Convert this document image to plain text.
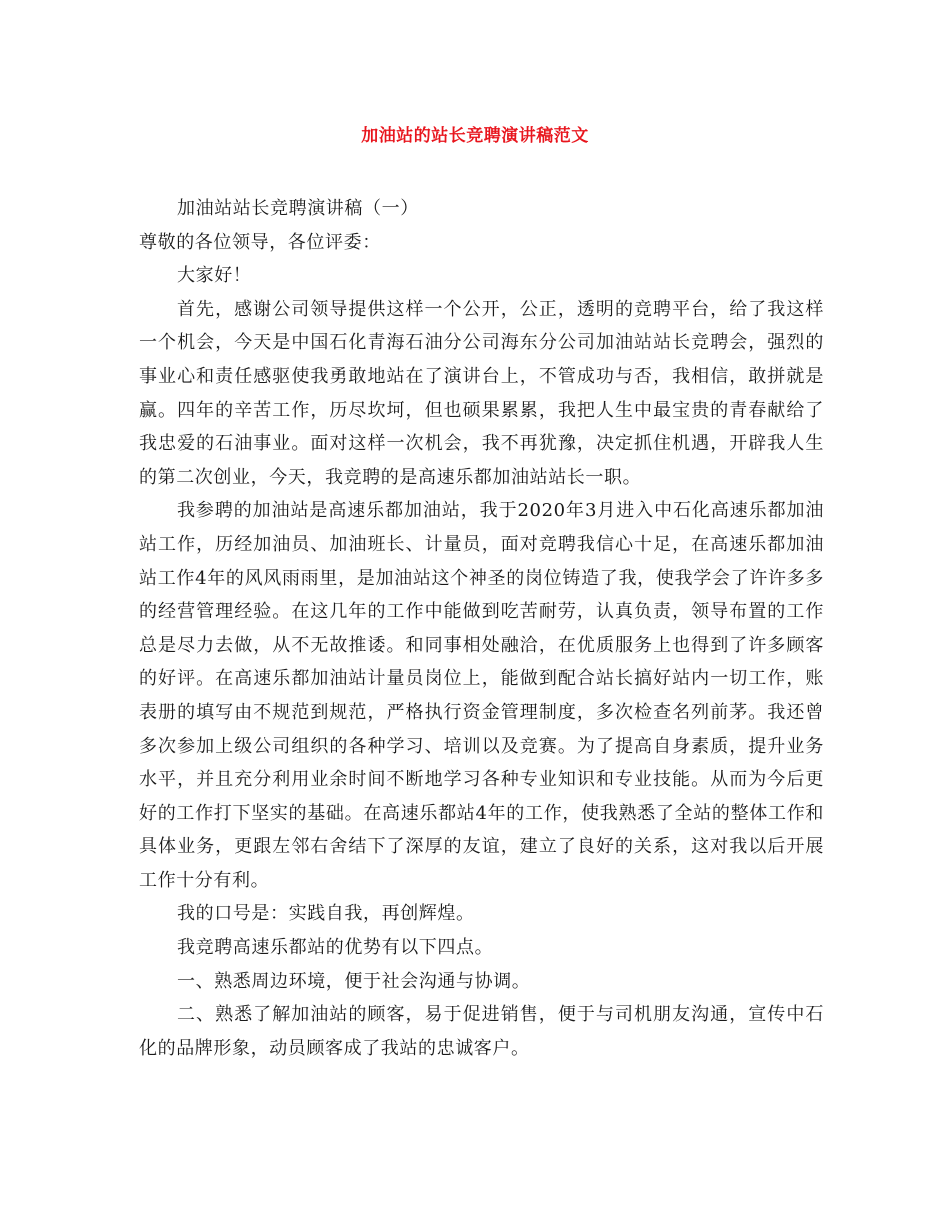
加油站的站长竞聘演讲稿范文

加油站站长竞聘演讲稿（一）

尊敬的各位领导，各位评委：

大家好！

首先，感谢公司领导提供这样一个公开，公正，透明的竞聘平台，给了我这样一个机会，今天是中国石化青海石油分公司海东分公司加油站站长竞聘会，强烈的事业心和责任感驱使我勇敢地站在了演讲台上，不管成功与否，我相信，敢拼就是赢。四年的辛苦工作，历尽坎坷，但也硕果累累，我把人生中最宝贵的青春献给了我忠爱的石油事业。面对这样一次机会，我不再犹豫，决定抓住机遇，开辟我人生的第二次创业，今天，我竞聘的是高速乐都加油站站长一职。

我参聘的加油站是高速乐都加油站，我于2020年3月进入中石化高速乐都加油站工作，历经加油员、加油班长、计量员，面对竞聘我信心十足，在高速乐都加油站工作4年的风风雨雨里，是加油站这个神圣的岗位铸造了我，使我学会了许许多多的经营管理经验。在这几年的工作中能做到吃苦耐劳，认真负责，领导布置的工作总是尽力去做，从不无故推诿。和同事相处融洽，在优质服务上也得到了许多顾客的好评。在高速乐都加油站计量员岗位上，能做到配合站长搞好站内一切工作，账表册的填写由不规范到规范，严格执行资金管理制度，多次检查名列前茅。我还曾多次参加上级公司组织的各种学习、培训以及竞赛。为了提高自身素质，提升业务水平，并且充分利用业余时间不断地学习各种专业知识和专业技能。从而为今后更好的工作打下坚实的基础。在高速乐都站4年的工作，使我熟悉了全站的整体工作和具体业务，更跟左邻右舍结下了深厚的友谊，建立了良好的关系，这对我以后开展工作十分有利。

我的口号是：实践自我，再创辉煌。

我竞聘高速乐都站的优势有以下四点。

一、熟悉周边环境，便于社会沟通与协调。

二、熟悉了解加油站的顾客，易于促进销售，便于与司机朋友沟通，宣传中石化的品牌形象，动员顾客成了我站的忠诚客户。
